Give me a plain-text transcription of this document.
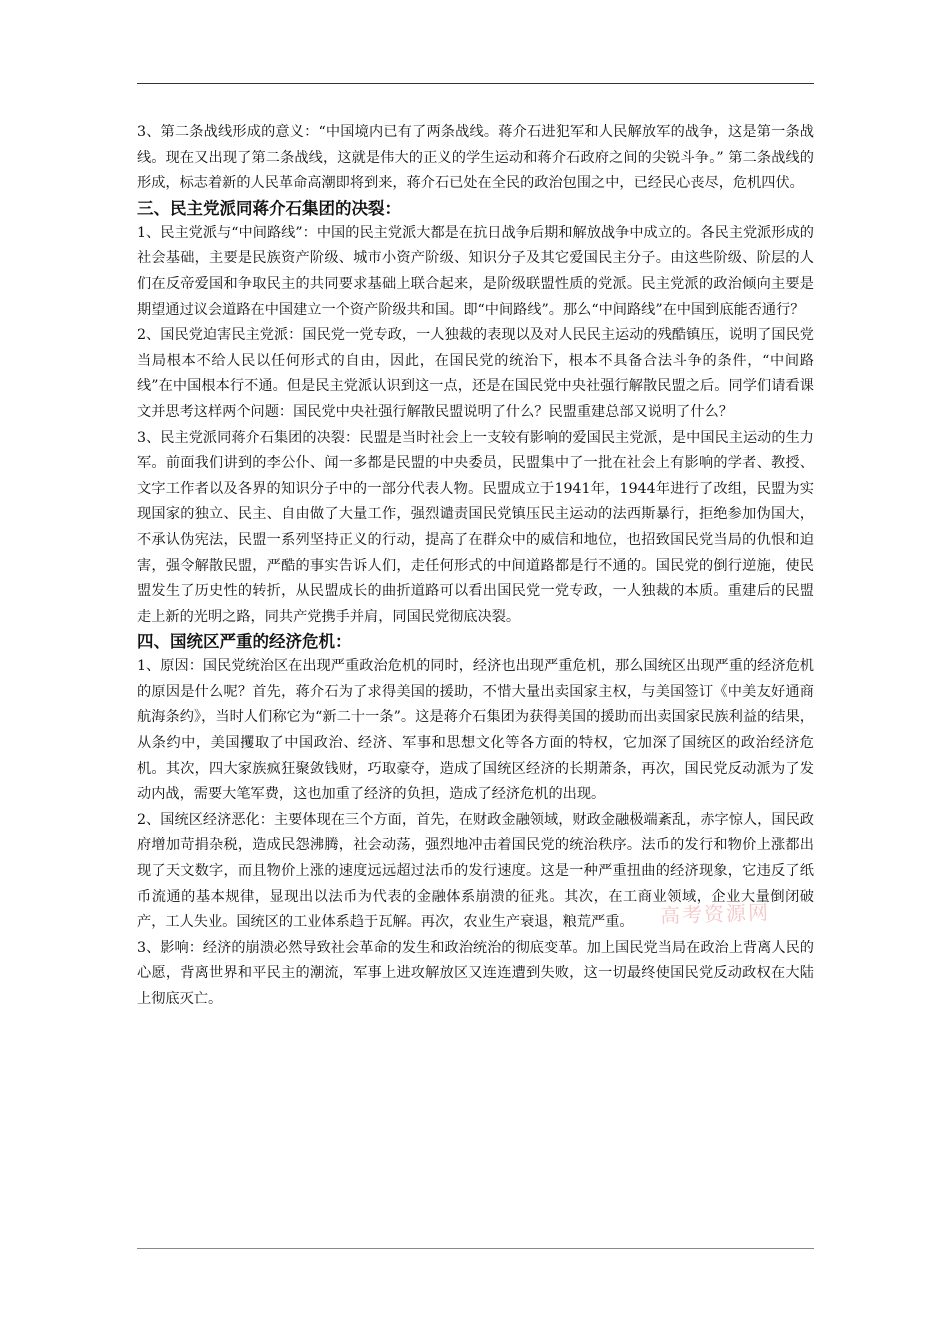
3、第二条战线形成的意义：“中国境内已有了两条战线。蒋介石进犯军和人民解放军的战争，这是第一条战线。现在又出现了第二条战线，这就是伟大的正义的学生运动和蒋介石政府之间的尖锐斗争。” 第二条战线的形成，标志着新的人民革命高潮即将到来，蒋介石已处在全民的政治包围之中，已经民心丧尽，危机四伏。

三、民主党派同蒋介石集团的决裂：

1、民主党派与“中间路线”：中国的民主党派大都是在抗日战争后期和解放战争中成立的。各民主党派形成的社会基础，主要是民族资产阶级、城市小资产阶级、知识分子及其它爱国民主分子。由这些阶级、阶层的人们在反帝爱国和争取民主的共同要求基础上联合起来，是阶级联盟性质的党派。民主党派的政治倾向主要是期望通过议会道路在中国建立一个资产阶级共和国。即“中间路线”。那么“中间路线”在中国到底能否通行？

2、国民党迫害民主党派：国民党一党专政，一人独裁的表现以及对人民民主运动的残酷镇压，说明了国民党当局根本不给人民以任何形式的自由，因此，在国民党的统治下，根本不具备合法斗争的条件，“中间路线”在中国根本行不通。但是民主党派认识到这一点，还是在国民党中央社强行解散民盟之后。同学们请看课文并思考这样两个问题：国民党中央社强行解散民盟说明了什么？民盟重建总部又说明了什么？

3、民主党派同蒋介石集团的决裂：民盟是当时社会上一支较有影响的爱国民主党派，是中国民主运动的生力军。前面我们讲到的李公仆、闻一多都是民盟的中央委员，民盟集中了一批在社会上有影响的学者、教授、文字工作者以及各界的知识分子中的一部分代表人物。民盟成立于1941年，1944年进行了改组，民盟为实现国家的独立、民主、自由做了大量工作，强烈谴责国民党镇压民主运动的法西斯暴行，拒绝参加伪国大，不承认伪宪法，民盟一系列坚持正义的行动，提高了在群众中的威信和地位，也招致国民党当局的仇恨和迫害，强令解散民盟，严酷的事实告诉人们，走任何形式的中间道路都是行不通的。国民党的倒行逆施，使民盟发生了历史性的转折，从民盟成长的曲折道路可以看出国民党一党专政，一人独裁的本质。重建后的民盟走上新的光明之路，同共产党携手并肩，同国民党彻底决裂。

四、国统区严重的经济危机：

1、原因：国民党统治区在出现严重政治危机的同时，经济也出现严重危机，那么国统区出现严重的经济危机的原因是什么呢？首先，蒋介石为了求得美国的援助，不惜大量出卖国家主权，与美国签订《中美友好通商航海条约》，当时人们称它为“新二十一条”。这是蒋介石集团为获得美国的援助而出卖国家民族利益的结果，从条约中，美国攫取了中国政治、经济、军事和思想文化等各方面的特权，它加深了国统区的政治经济危机。其次，四大家族疯狂聚敛钱财，巧取豪夺，造成了国统区经济的长期萧条，再次，国民党反动派为了发动内战，需要大笔军费，这也加重了经济的负担，造成了经济危机的出现。

2、国统区经济恶化：主要体现在三个方面，首先，在财政金融领域，财政金融极端紊乱，赤字惊人，国民政府增加苛捐杂税，造成民怨沸腾，社会动荡，强烈地冲击着国民党的统治秩序。法币的发行和物价上涨都出现了天文数字，而且物价上涨的速度远远超过法币的发行速度。这是一种严重扭曲的经济现象，它违反了纸币流通的基本规律，显现出以法币为代表的金融体系崩溃的征兆。其次，在工商业领域，企业大量倒闭破产，工人失业。国统区的工业体系趋于瓦解。再次，农业生产衰退，粮荒严重。

3、影响：经济的崩溃必然导致社会革命的发生和政治统治的彻底变革。加上国民党当局在政治上背离人民的心愿，背离世界和平民主的潮流，军事上进攻解放区又连连遭到失败，这一切最终使国民党反动政权在大陆上彻底灭亡。

高考资源网
